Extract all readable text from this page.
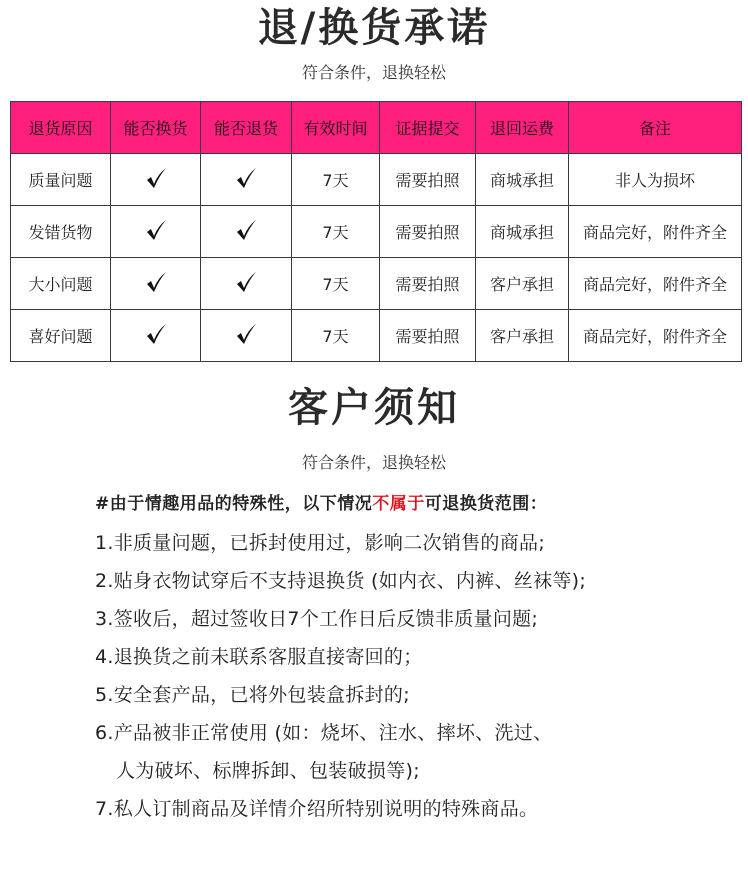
退/换货承诺
符合条件，退换轻松
退货原因	能否换货	能否退货	有效时间	证据提交	退回运费	备注
质量问题			7天	需要拍照	商城承担	非人为损坏
发错货物			7天	需要拍照	商城承担	商品完好，附件齐全
大小问题			7天	需要拍照	客户承担	商品完好，附件齐全
喜好问题			7天	需要拍照	客户承担	商品完好，附件齐全
客户须知
符合条件，退换轻松
#由于情趣用品的特殊性，以下情况不属于可退换货范围：
1.非质量问题，已拆封使用过，影响二次销售的商品;
2.贴身衣物试穿后不支持退换货 (如内衣、内裤、丝袜等);
3.签收后，超过签收日7个工作日后反馈非质量问题;
4.退换货之前未联系客服直接寄回的；
5.安全套产品，已将外包装盒拆封的;
6.产品被非正常使用 (如：烧坏、注水、摔坏、洗过、
人为破坏、标牌拆卸、包装破损等);
7.私人订制商品及详情介绍所特别说明的特殊商品。
